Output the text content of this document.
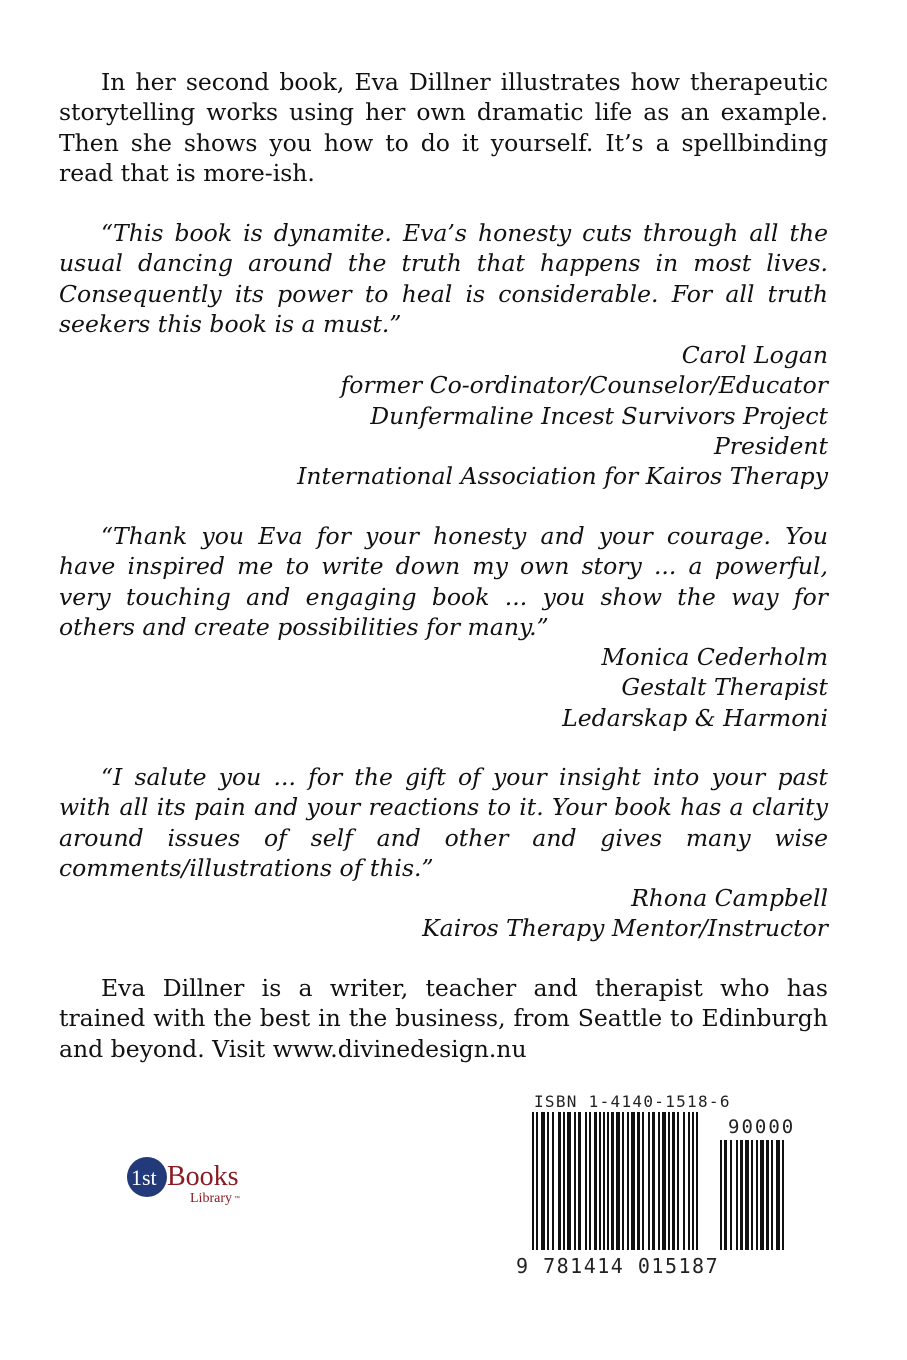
In her second book, Eva Dillner illustrates how therapeutic storytelling works using her own dramatic life as an example. Then she shows you how to do it yourself. It’s a spellbinding read that is more-ish.

“This book is dynamite. Eva’s honesty cuts through all the usual dancing around the truth that happens in most lives. Consequently its power to heal is considerable. For all truth seekers this book is a must.”

Carol Logan
former Co-ordinator/Counselor/Educator
Dunfermaline Incest Survivors Project
President
International Association for Kairos Therapy

“Thank you Eva for your honesty and your courage. You have inspired me to write down my own story ... a powerful, very touching and engaging book ... you show the way for others and create possibilities for many.”

Monica Cederholm
Gestalt Therapist
Ledarskap & Harmoni

“I salute you ... for the gift of your insight into your past with all its pain and your reactions to it. Your book has a clarity around issues of self and other and gives many wise comments/illustrations of this.”

Rhona Campbell
Kairos Therapy Mentor/Instructor

Eva Dillner is a writer, teacher and therapist who has trained with the best in the business, from Seattle to Edinburgh and beyond. Visit www.divinedesign.nu

1st Books
Library ™
ISBN 1-4140-1518-6
90000
9 781414 015187
